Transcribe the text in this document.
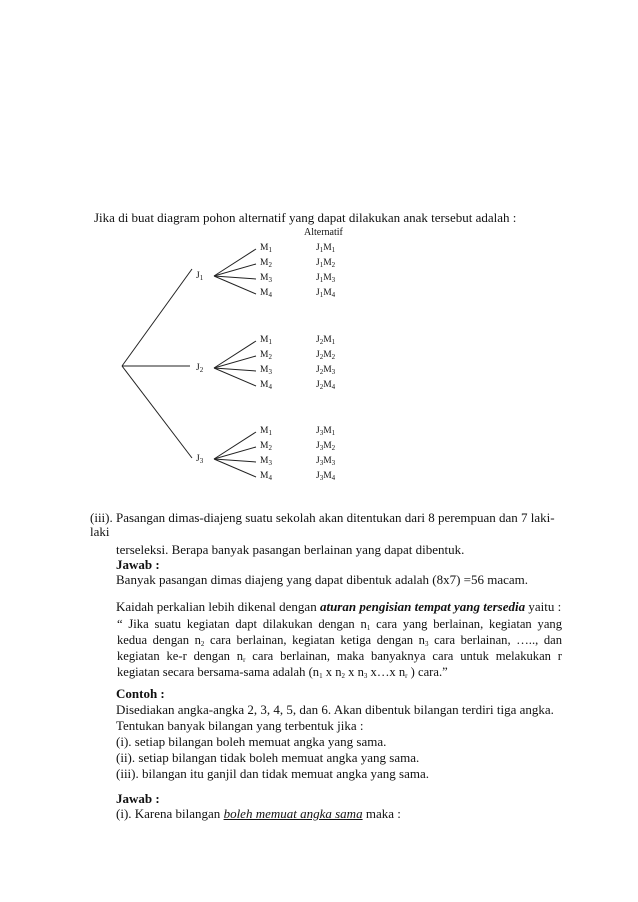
Jika di buat diagram pohon alternatif yang dapat dilakukan anak tersebut adalah :
Alternatif
$J_1$
$M_1$
$M_2$
$M_3$
$M_4$
$J_1M_1$
$J_1M_2$
$J_1M_3$
$J_1M_4$
$J_2$
$M_1$
$M_2$
$M_3$
$M_4$
$J_2M_1$
$J_2M_2$
$J_2M_3$
$J_2M_4$
$J_3$
$M_1$
$M_2$
$M_3$
$M_4$
$J_3M_1$
$J_3M_2$
$J_3M_3$
$J_3M_4$
(iii). Pasangan dimas-diajeng suatu sekolah akan ditentukan dari 8 perempuan dan 7 laki-
laki
terseleksi. Berapa banyak pasangan berlainan yang dapat dibentuk.
Jawab :
Banyak pasangan dimas diajeng yang dapat dibentuk adalah (8x7) =56 macam.
Kaidah perkalian lebih dikenal dengan aturan pengisian tempat yang tersedia yaitu :
“ Jika suatu kegiatan dapt dilakukan dengan $n_1$ cara yang berlainan, kegiatan yang
kedua dengan $n_2$ cara berlainan, kegiatan ketiga dengan $n_3$ cara berlainan, ….., dan
kegiatan ke-r dengan $n_r$ cara berlainan, maka banyaknya cara untuk melakukan r
kegiatan secara bersama-sama adalah ($n_1$ x $n_2$ x $n_3$ x…x $n_r$ ) cara.”
Contoh :
Disediakan angka-angka 2, 3, 4, 5, dan 6. Akan dibentuk bilangan terdiri tiga angka.
Tentukan banyak bilangan yang terbentuk jika :
(i). setiap bilangan boleh memuat angka yang sama.
(ii). setiap bilangan tidak boleh memuat angka yang sama.
(iii). bilangan itu ganjil dan tidak memuat angka yang sama.
Jawab :
(i). Karena bilangan boleh memuat angka sama maka :
